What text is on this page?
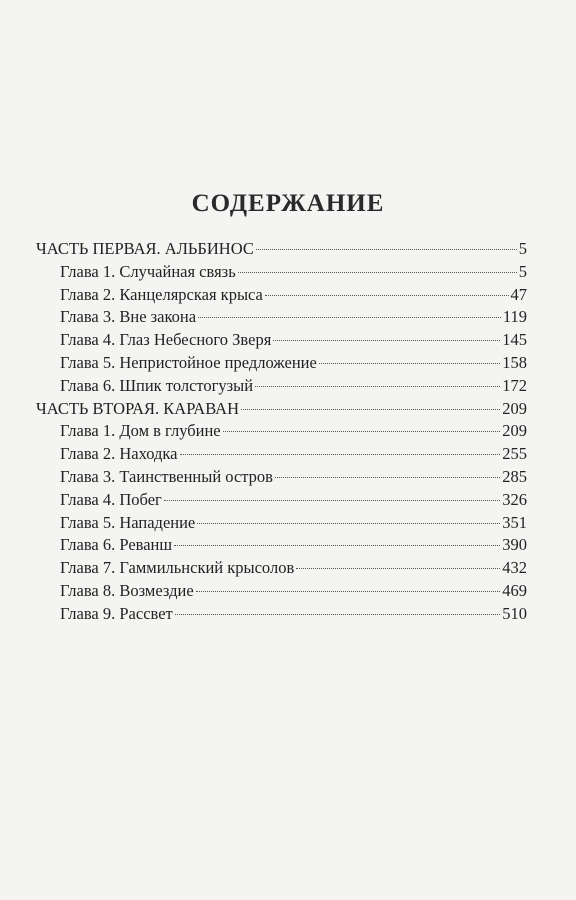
СОДЕРЖАНИЕ
ЧАСТЬ ПЕРВАЯ. АЛЬБИНОС	5
Глава 1. Случайная связь	5
Глава 2. Канцелярская крыса	47
Глава 3. Вне закона	119
Глава 4. Глаз Небесного Зверя	145
Глава 5. Непристойное предложение	158
Глава 6. Шпик толстогузый	172
ЧАСТЬ ВТОРАЯ. КАРАВАН	209
Глава 1. Дом в глубине	209
Глава 2. Находка	255
Глава 3. Таинственный остров	285
Глава 4. Побег	326
Глава 5. Нападение	351
Глава 6. Реванш	390
Глава 7. Гаммильнский крысолов	432
Глава 8. Возмездие	469
Глава 9. Рассвет	510
